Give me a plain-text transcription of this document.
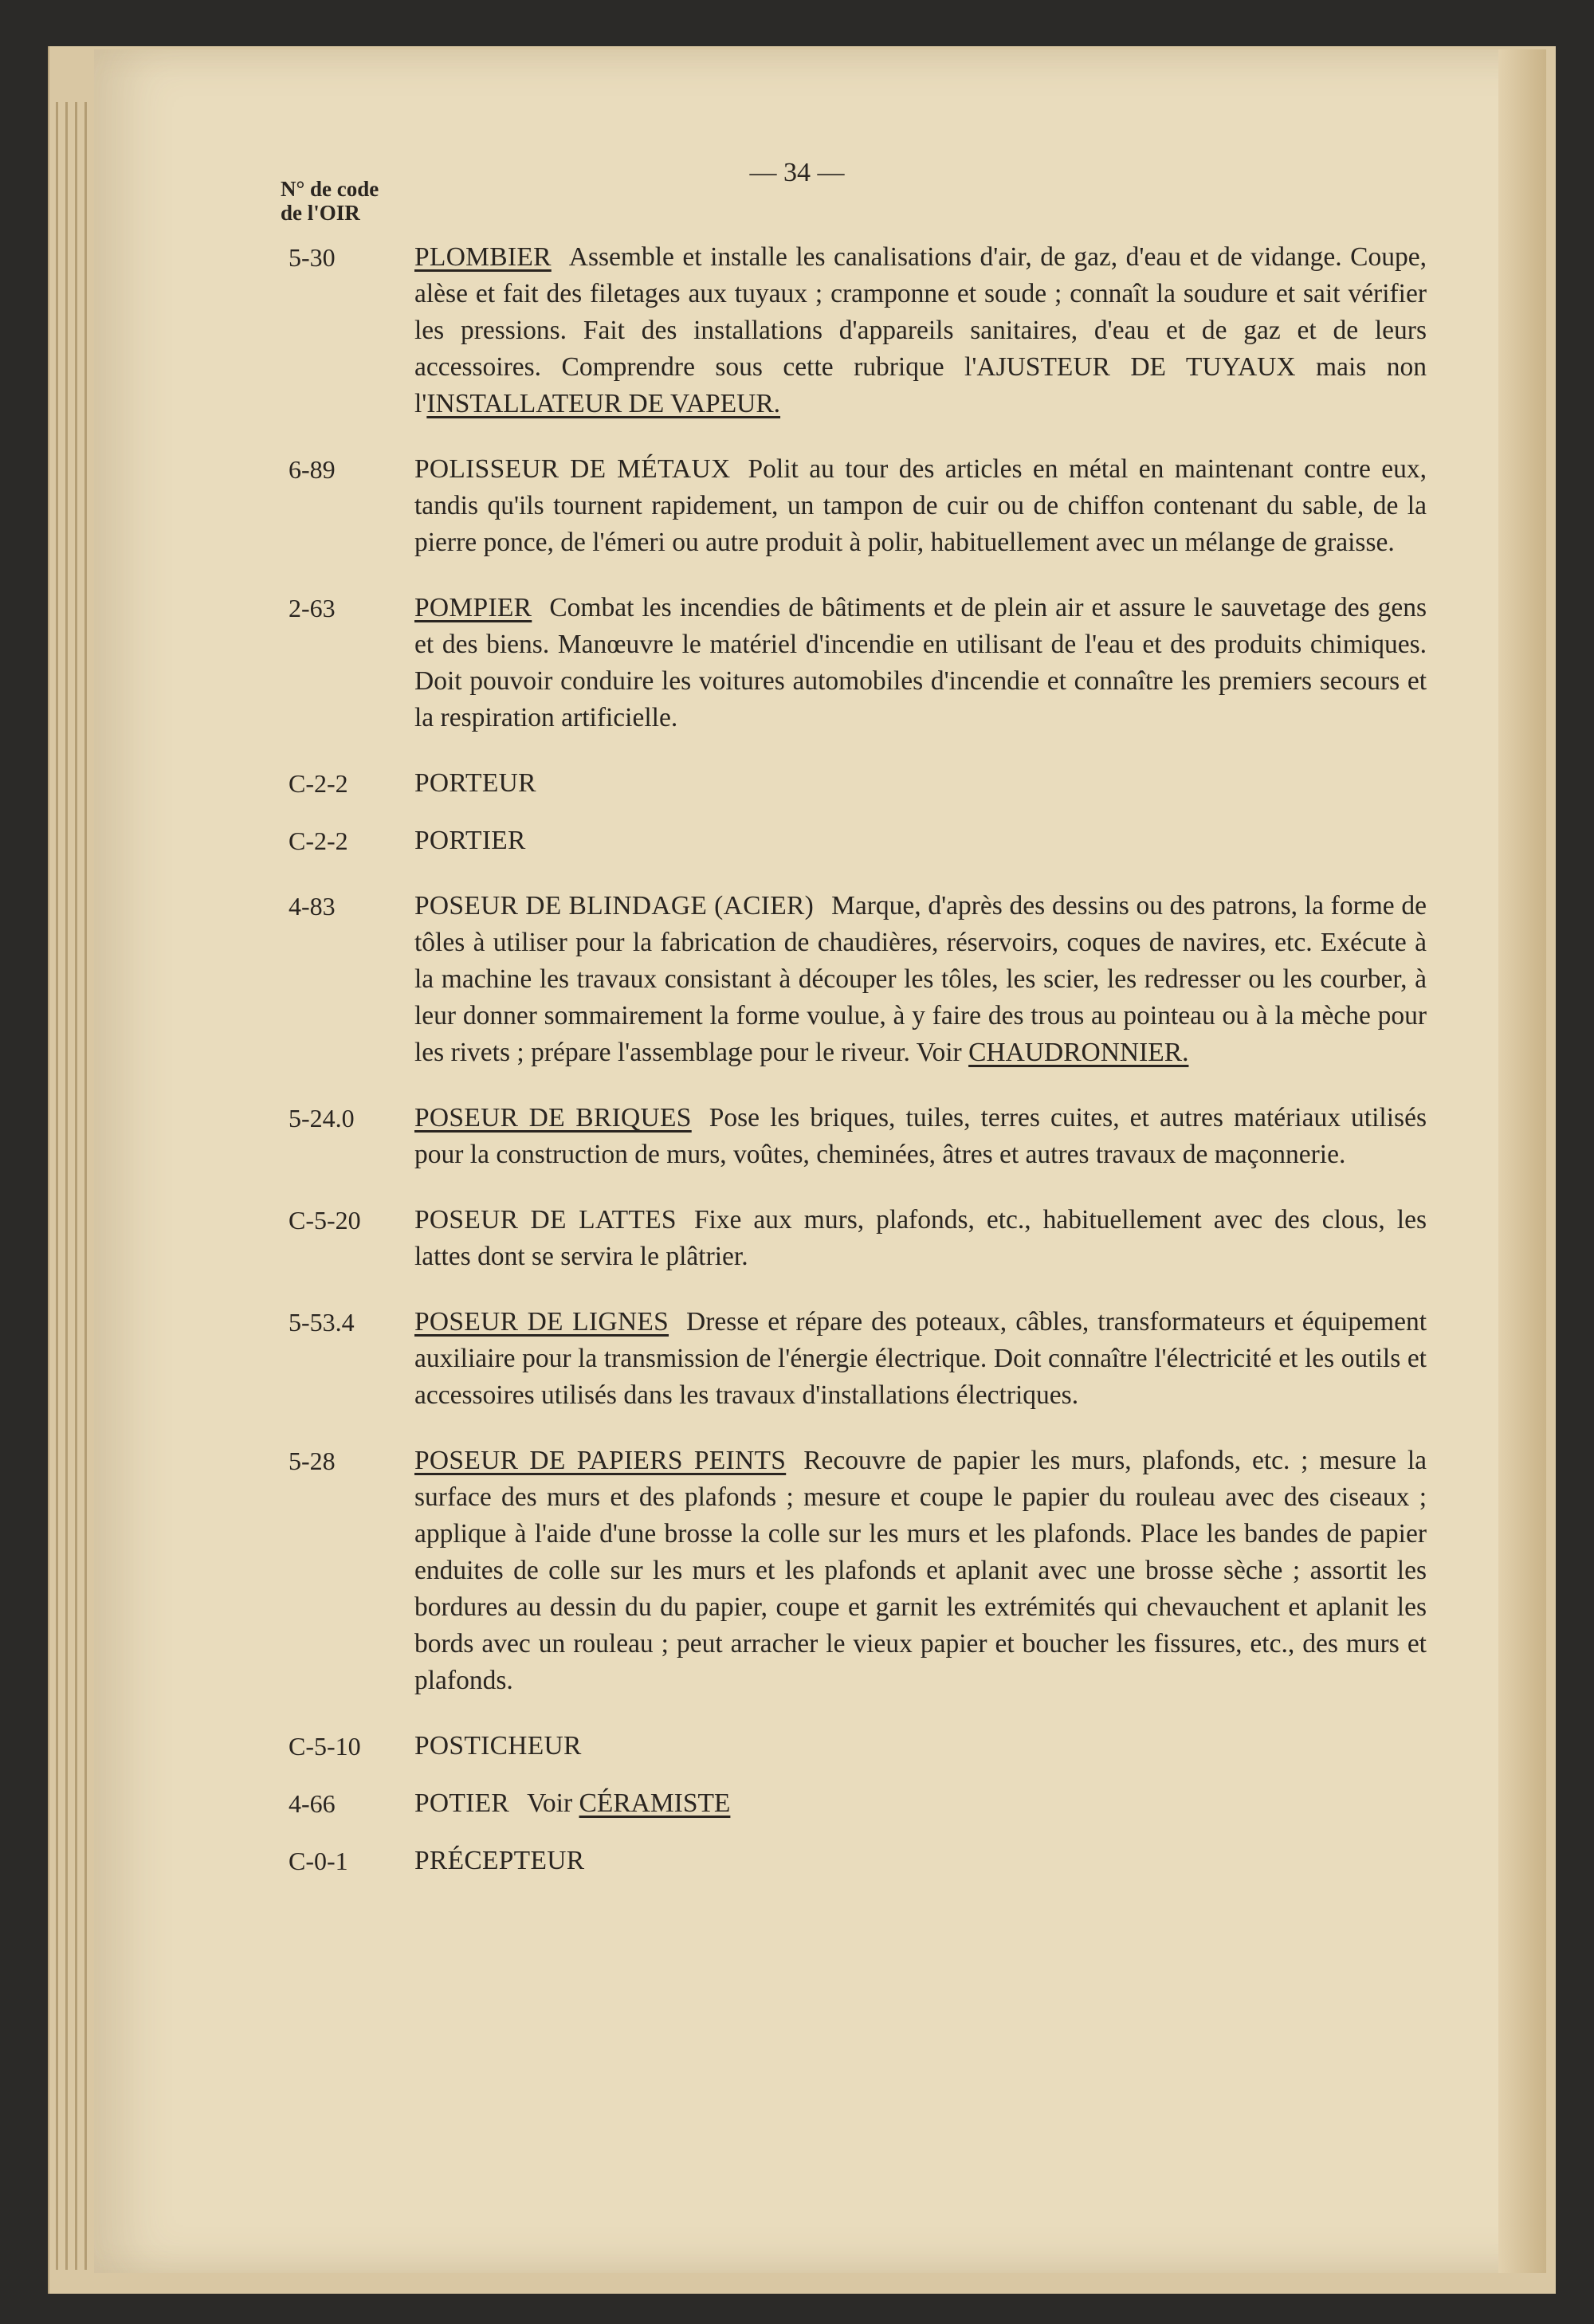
N° de code
de l'OIR
— 34 —
5-30	PLOMBIER Assemble et installe les canalisations d'air, de gaz, d'eau et de vidange. Coupe, alèse et fait des filetages aux tuyaux ; cramponne et soude ; connaît la soudure et sait vérifier les pressions. Fait des installations d'appareils sanitaires, d'eau et de gaz et de leurs accessoires. Comprendre sous cette rubrique l'AJUSTEUR DE TUYAUX mais non l'INSTALLATEUR DE VAPEUR.
6-89	POLISSEUR DE MÉTAUX Polit au tour des articles en métal en maintenant contre eux, tandis qu'ils tournent rapidement, un tampon de cuir ou de chiffon contenant du sable, de la pierre ponce, de l'émeri ou autre produit à polir, habituellement avec un mélange de graisse.
2-63	POMPIER Combat les incendies de bâtiments et de plein air et assure le sauvetage des gens et des biens. Manœuvre le matériel d'incendie en utilisant de l'eau et des produits chimiques. Doit pouvoir conduire les voitures automobiles d'incendie et connaître les premiers secours et la respiration artificielle.
C-2-2 PORTEUR
C-2-2 PORTIER
4-83	POSEUR DE BLINDAGE (ACIER) Marque, d'après des dessins ou des patrons, la forme de tôles à utiliser pour la fabrication de chaudières, réservoirs, coques de navires, etc. Exécute à la machine les travaux consistant à découper les tôles, les scier, les redresser ou les courber, à leur donner sommairement la forme voulue, à y faire des trous au pointeau ou à la mèche pour les rivets ; prépare l'assemblage pour le riveur. Voir CHAUDRONNIER.
5-24.0 POSEUR DE BRIQUES Pose les briques, tuiles, terres cuites, et autres matériaux utilisés pour la construction de murs, voûtes, cheminées, âtres et autres travaux de maçonnerie.
C-5-20 POSEUR DE LATTES Fixe aux murs, plafonds, etc., habituellement avec des clous, les lattes dont se servira le plâtrier.
5-53.4 POSEUR DE LIGNES Dresse et répare des poteaux, câbles, transformateurs et équipement auxiliaire pour la transmission de l'énergie électrique. Doit connaître l'électricité et les outils et accessoires utilisés dans les travaux d'installations électriques.
5-28	POSEUR DE PAPIERS PEINTS Recouvre de papier les murs, plafonds, etc. ; mesure la surface des murs et des plafonds ; mesure et coupe le papier du rouleau avec des ciseaux ; applique à l'aide d'une brosse la colle sur les murs et les plafonds. Place les bandes de papier enduites de colle sur les murs et les plafonds et aplanit avec une brosse sèche ; assortit les bordures au dessin du du papier, coupe et garnit les extrémités qui chevauchent et aplanit les bords avec un rouleau ; peut arracher le vieux papier et boucher les fissures, etc., des murs et plafonds.
C-5-10 POSTICHEUR
4-66	POTIER Voir CÉRAMISTE
C-0-1 PRÉCEPTEUR
